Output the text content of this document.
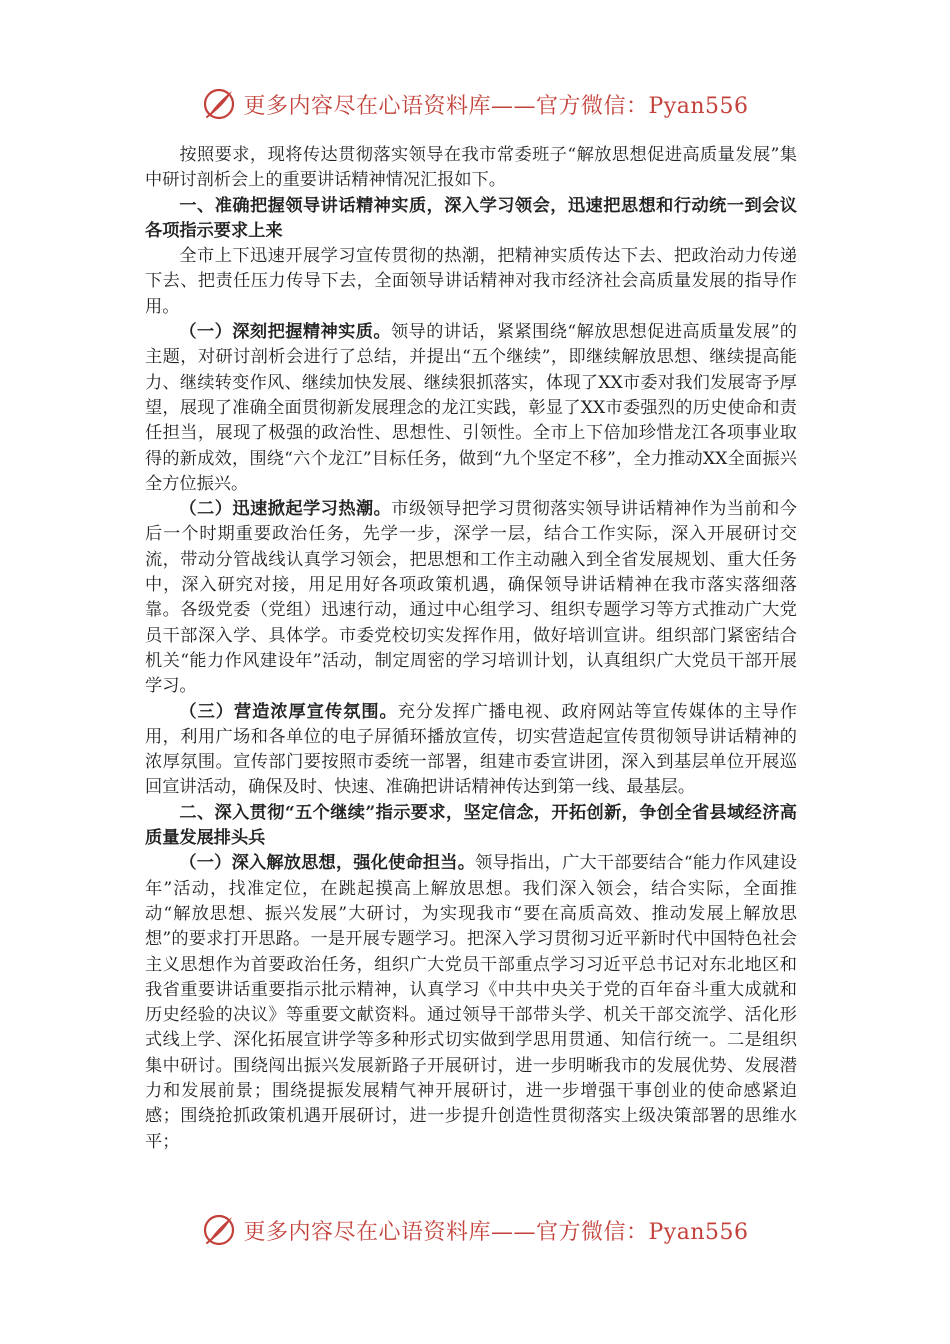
更多内容尽在心语资料库——官方微信：Pyan556

按照要求，现将传达贯彻落实领导在我市常委班子“解放思想促进高质量发展”集中研讨剖析会上的重要讲话精神情况汇报如下。

一、准确把握领导讲话精神实质，深入学习领会，迅速把思想和行动统一到会议各项指示要求上来

全市上下迅速开展学习宣传贯彻的热潮，把精神实质传达下去、把政治动力传递下去、把责任压力传导下去，全面领导讲话精神对我市经济社会高质量发展的指导作用。

（一）深刻把握精神实质。领导的讲话，紧紧围绕“解放思想促进高质量发展”的主题，对研讨剖析会进行了总结，并提出“五个继续”，即继续解放思想、继续提高能力、继续转变作风、继续加快发展、继续狠抓落实，体现了XX市委对我们发展寄予厚望，展现了准确全面贯彻新发展理念的龙江实践，彰显了XX市委强烈的历史使命和责任担当，展现了极强的政治性、思想性、引领性。全市上下倍加珍惜龙江各项事业取得的新成效，围绕“六个龙江”目标任务，做到“九个坚定不移”，全力推动XX全面振兴全方位振兴。

（二）迅速掀起学习热潮。市级领导把学习贯彻落实领导讲话精神作为当前和今后一个时期重要政治任务，先学一步，深学一层，结合工作实际，深入开展研讨交流，带动分管战线认真学习领会，把思想和工作主动融入到全省发展规划、重大任务中，深入研究对接，用足用好各项政策机遇，确保领导讲话精神在我市落实落细落靠。各级党委（党组）迅速行动，通过中心组学习、组织专题学习等方式推动广大党员干部深入学、具体学。市委党校切实发挥作用，做好培训宣讲。组织部门紧密结合机关“能力作风建设年”活动，制定周密的学习培训计划，认真组织广大党员干部开展学习。

（三）营造浓厚宣传氛围。充分发挥广播电视、政府网站等宣传媒体的主导作用，利用广场和各单位的电子屏循环播放宣传，切实营造起宣传贯彻领导讲话精神的浓厚氛围。宣传部门要按照市委统一部署，组建市委宣讲团，深入到基层单位开展巡回宣讲活动，确保及时、快速、准确把讲话精神传达到第一线、最基层。

二、深入贯彻“五个继续”指示要求，坚定信念，开拓创新，争创全省县域经济高质量发展排头兵

（一）深入解放思想，强化使命担当。领导指出，广大干部要结合“能力作风建设年”活动，找准定位，在跳起摸高上解放思想。我们深入领会，结合实际，全面推动“解放思想、振兴发展”大研讨，为实现我市“要在高质高效、推动发展上解放思想”的要求打开思路。一是开展专题学习。把深入学习贯彻习近平新时代中国特色社会主义思想作为首要政治任务，组织广大党员干部重点学习习近平总书记对东北地区和我省重要讲话重要指示批示精神，认真学习《中共中央关于党的百年奋斗重大成就和历史经验的决议》等重要文献资料。通过领导干部带头学、机关干部交流学、活化形式线上学、深化拓展宣讲学等多种形式切实做到学思用贯通、知信行统一。二是组织集中研讨。围绕闯出振兴发展新路子开展研讨，进一步明晰我市的发展优势、发展潜力和发展前景；围绕提振发展精气神开展研讨，进一步增强干事创业的使命感紧迫感；围绕抢抓政策机遇开展研讨，进一步提升创造性贯彻落实上级决策部署的思维水平；

更多内容尽在心语资料库——官方微信：Pyan556
